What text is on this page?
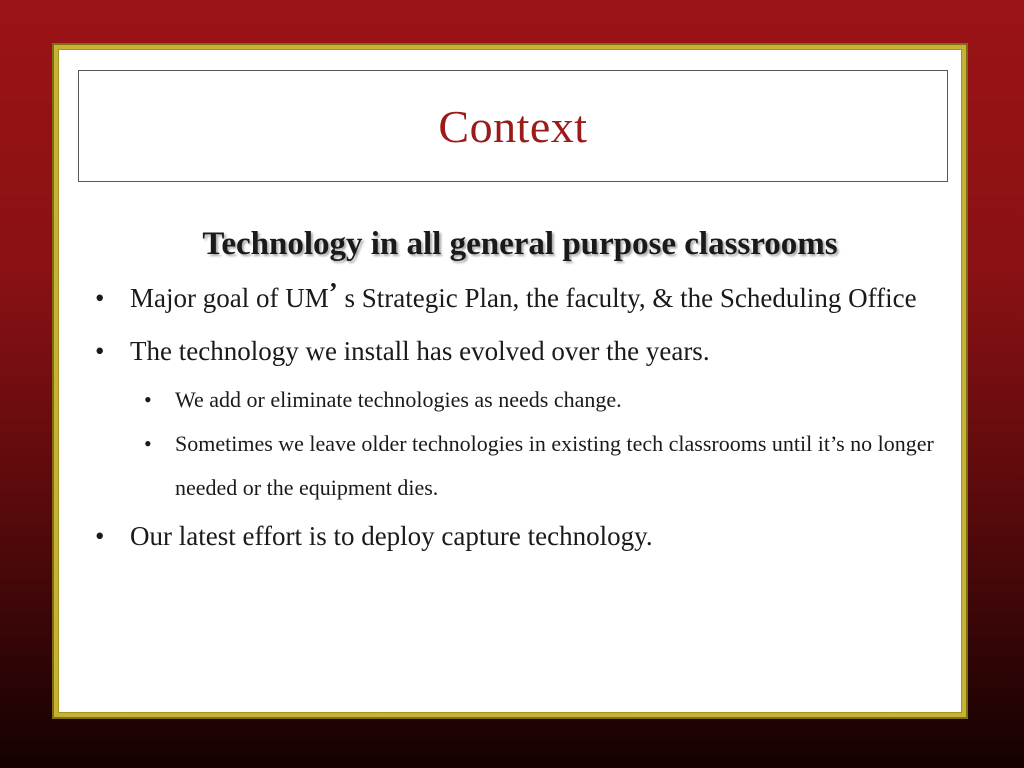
Context
Technology in all general purpose classrooms
• Major goal of UM’ s Strategic Plan, the faculty, & the Scheduling Office
• The technology we install has evolved over the years.
• We add or eliminate technologies as needs change.
• Sometimes we leave older technologies in existing tech classrooms until it’s no longer needed or the equipment dies.
• Our latest effort is to deploy capture technology.
